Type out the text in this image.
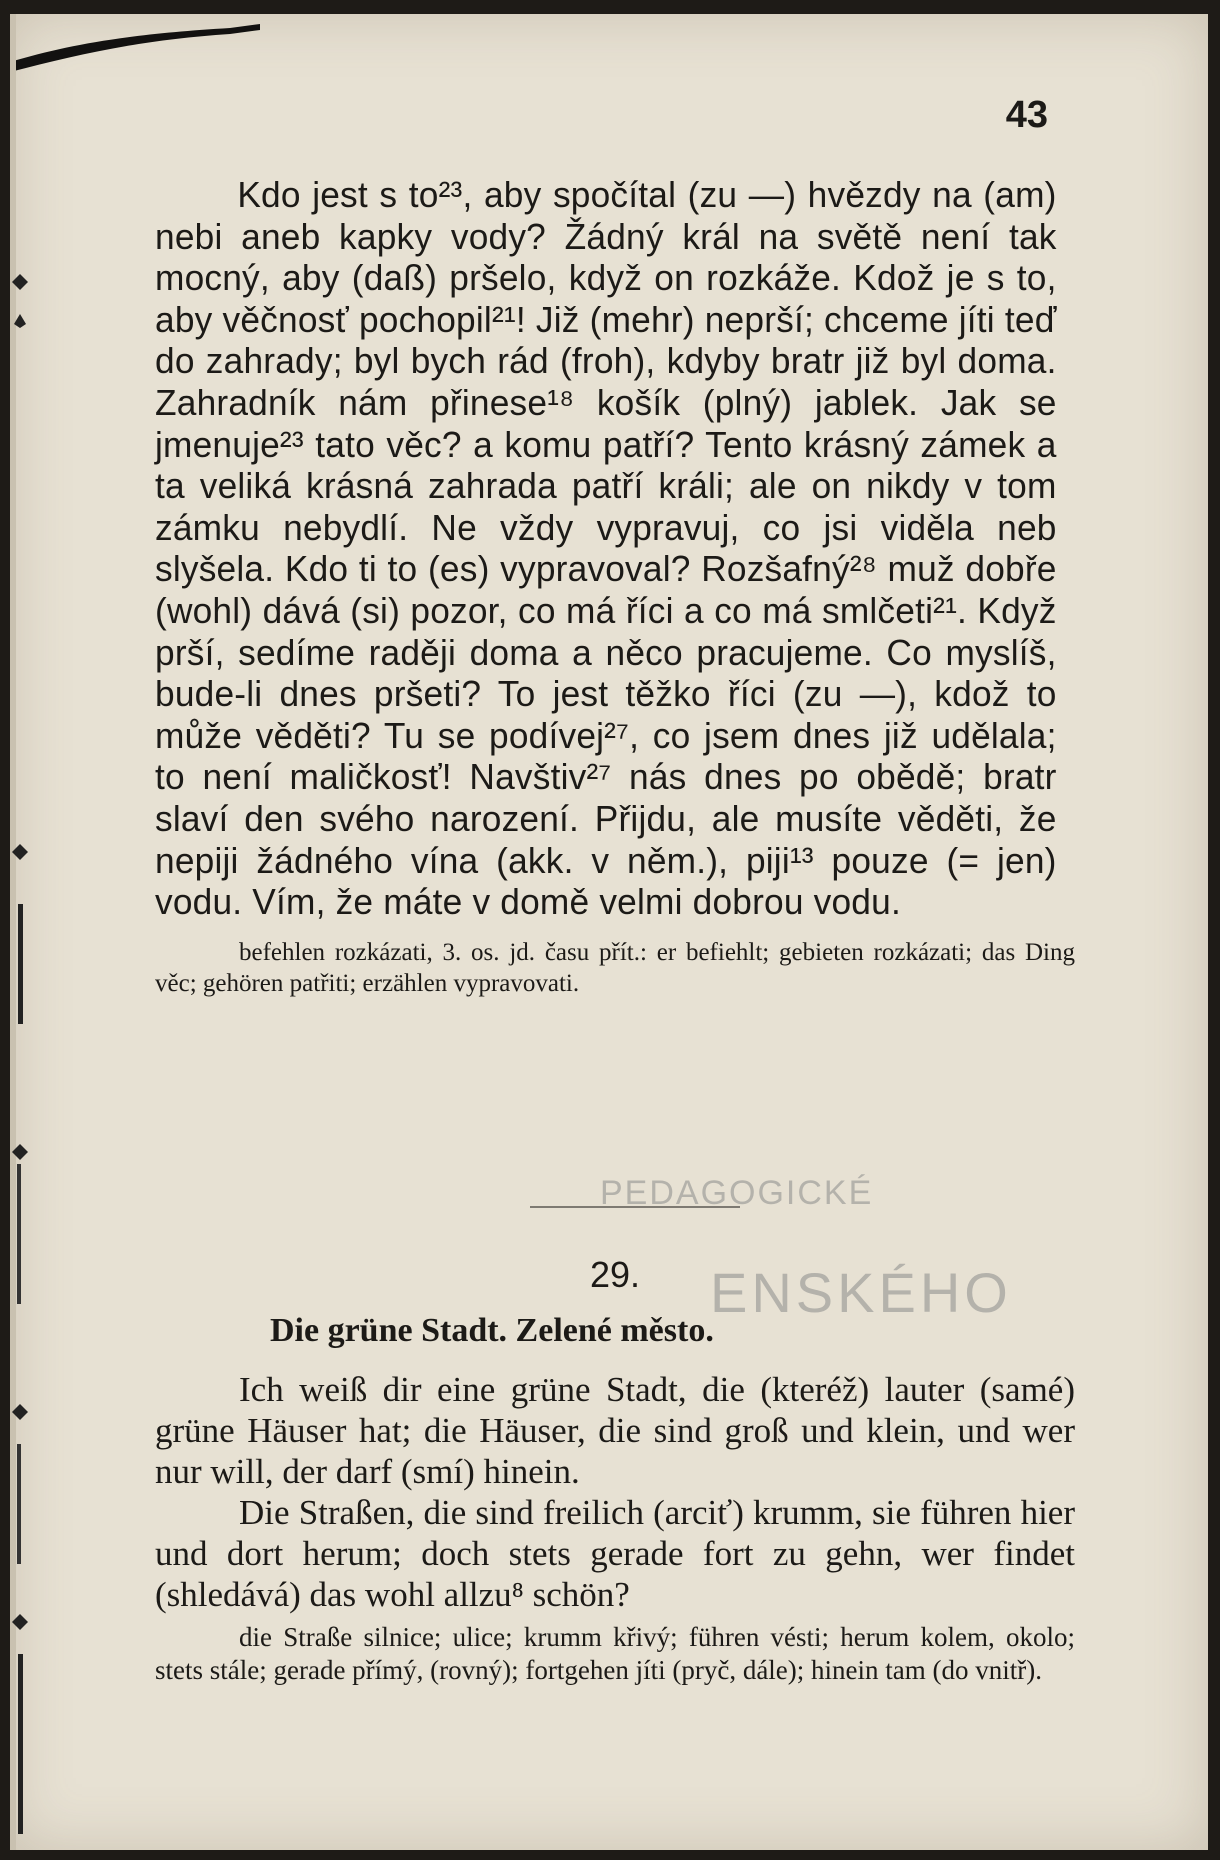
43

Kdo jest s to²³, aby spočítal (zu —) hvězdy na (am) nebi aneb kapky vody? Žádný král na světě není tak mocný, aby (daß) pršelo, když on rozkáže. Kdož je s to, aby věčnosť pochopil²¹! Již (mehr) neprší; chceme jíti teď do zahrady; byl bych rád (froh), kdyby bratr již byl doma. Zahradník nám přinese¹⁸ košík (plný) jablek. Jak se jmenuje²³ tato věc? a komu patří? Tento krásný zámek a ta veliká krásná zahrada patří králi; ale on nikdy v tom zámku nebydlí. Ne vždy vypravuj, co jsi viděla neb slyšela. Kdo ti to (es) vypravoval? Rozšafný²⁸ muž dobře (wohl) dává (si) pozor, co má říci a co má smlčeti²¹. Když prší, sedíme raději doma a něco pracujeme. Co myslíš, bude-li dnes pršeti? To jest těžko říci (zu —), kdož to může věděti? Tu se podívej²⁷, co jsem dnes již udělala; to není maličkosť! Navštiv²⁷ nás dnes po obědě; bratr slaví den svého narození. Přijdu, ale musíte věděti, že nepiji žádného vína (akk. v něm.), piji¹³ pouze (= jen) vodu. Vím, že máte v domě velmi dobrou vodu.

befehlen rozkázati, 3. os. jd. času přít.: er befiehlt; gebieten rozkázati; das Ding věc; gehören patřiti; erzählen vypravovati.

PEDAGOGICKÉ
ENSKÉHO
29.
Die grüne Stadt. Zelené město.

Ich weiß dir eine grüne Stadt, die (kteréž) lauter (samé) grüne Häuser hat; die Häuser, die sind groß und klein, und wer nur will, der darf (smí) hinein.

Die Straßen, die sind freilich (arciť) krumm, sie führen hier und dort herum; doch stets gerade fort zu gehn, wer findet (shledává) das wohl allzu⁸ schön?

die Straße silnice; ulice; krumm křivý; führen vésti; herum kolem, okolo; stets stále; gerade přímý, (rovný); fortgehen jíti (pryč, dále); hinein tam (do vnitř).
